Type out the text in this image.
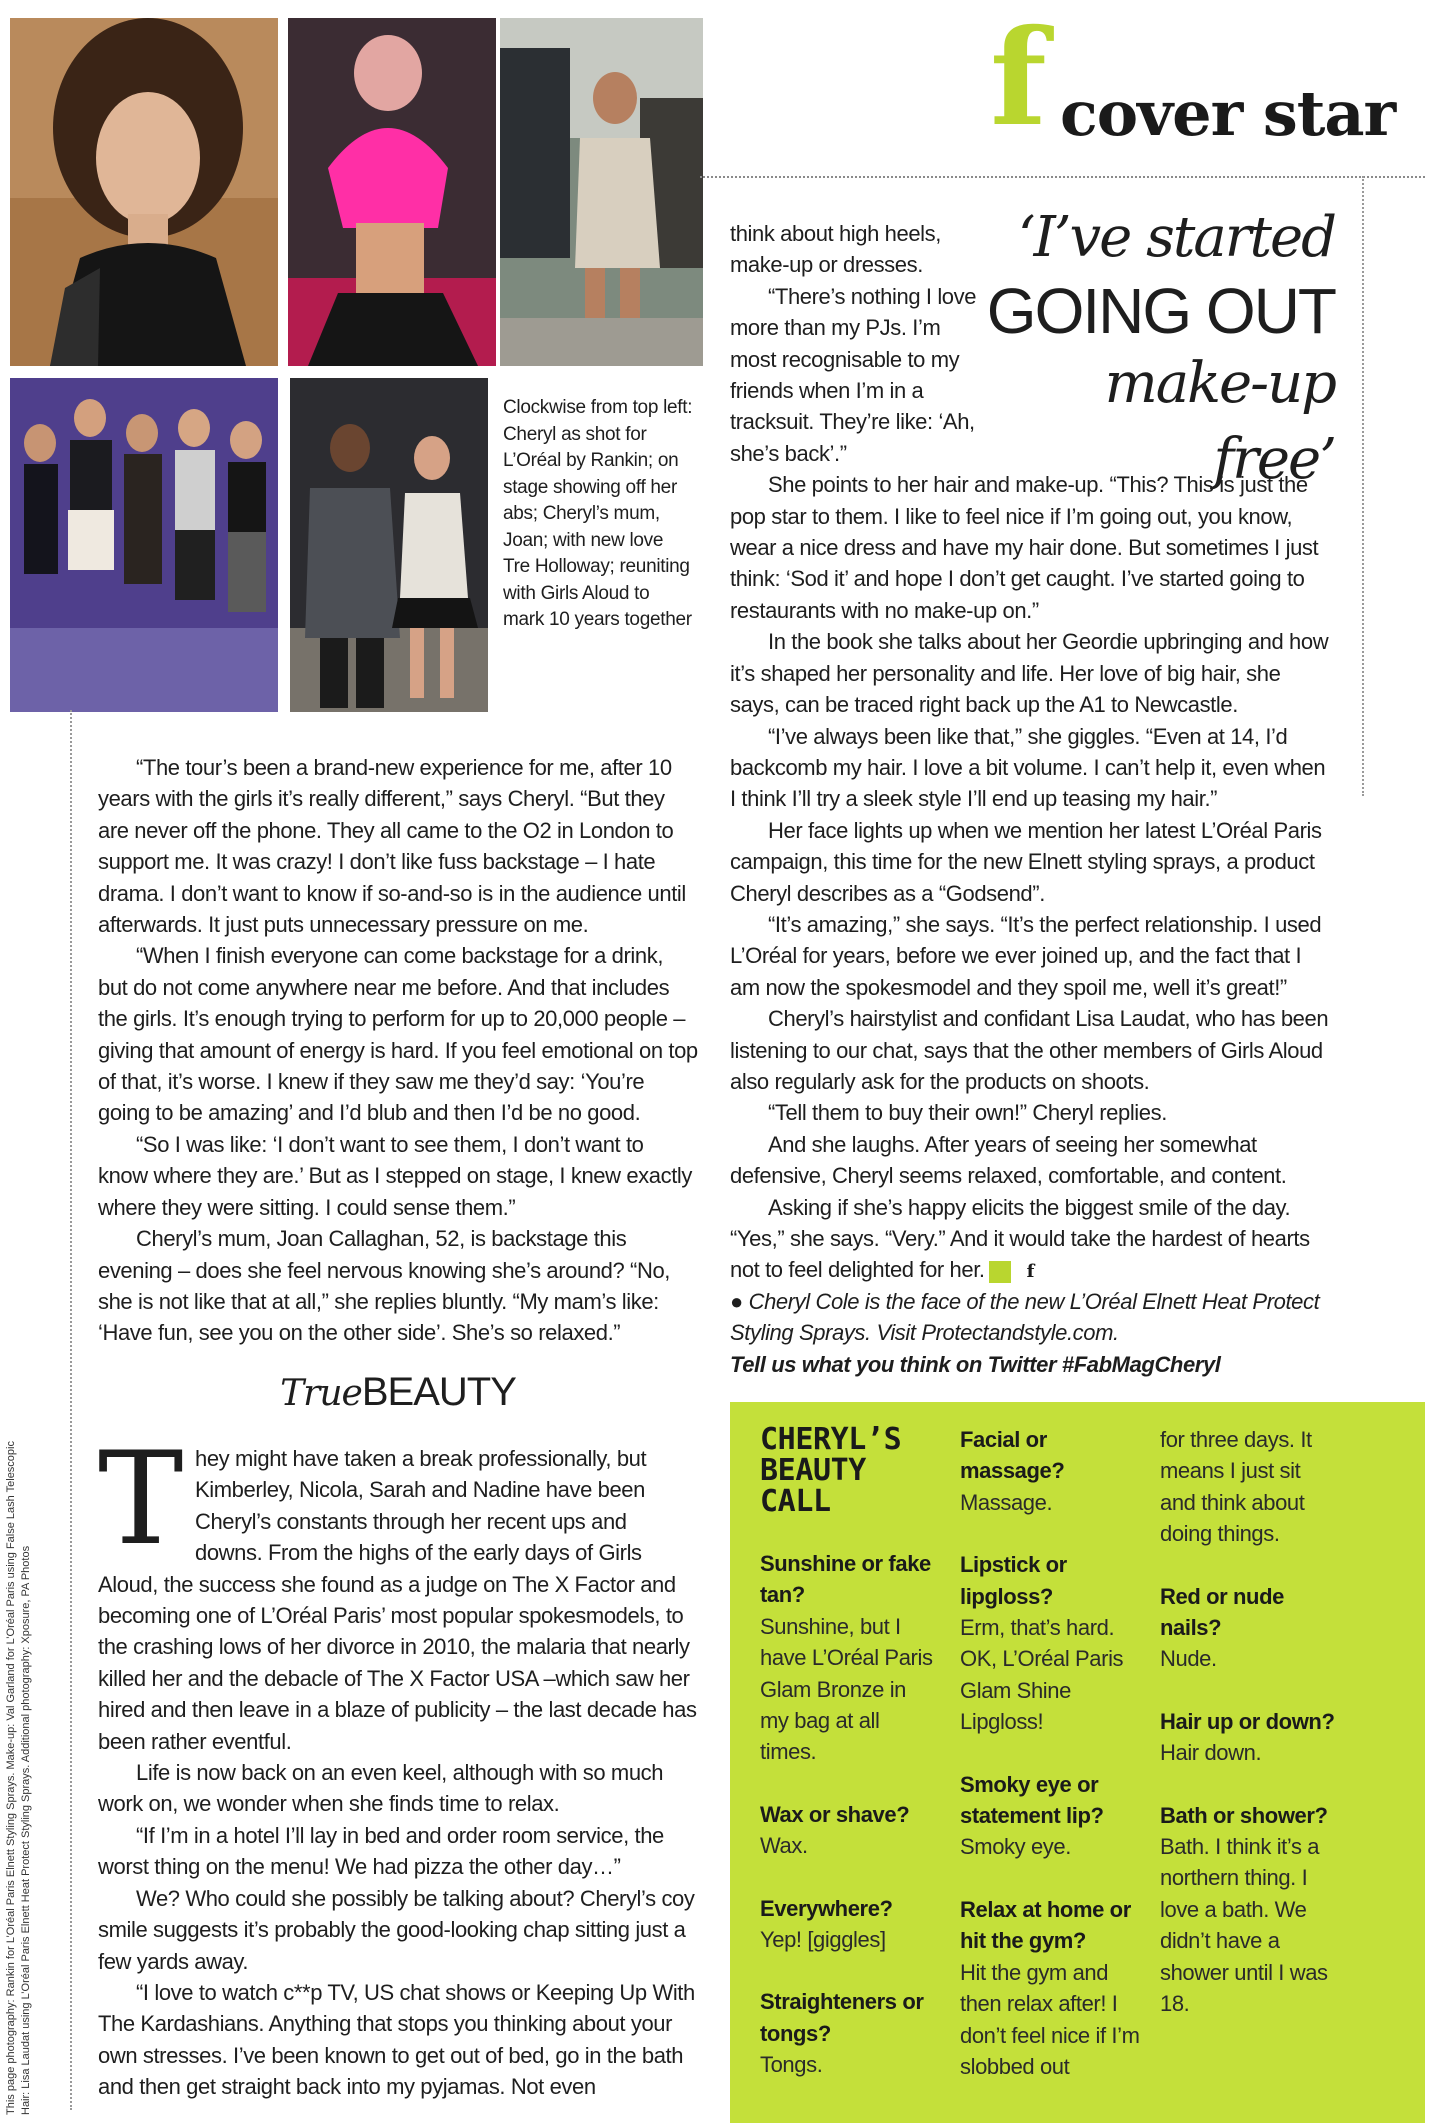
Clockwise from top left: Cheryl as shot for L’Oréal by Rankin; on stage showing off her abs; Cheryl’s mum, Joan; with new love Tre Holloway; reuniting with Girls Aloud to mark 10 years together
f cover star
‘I’ve started
GOING OUT
make-up free’

think about high heels, make-up or dresses.

“There’s nothing I love more than my PJs. I’m most recognisable to my friends when I’m in a tracksuit. They’re like: ‘Ah, she’s back’.”

She points to her hair and make-up. “This? This is just the pop star to them. I like to feel nice if I’m going out, you know, wear a nice dress and have my hair done. But sometimes I just think: ‘Sod it’ and hope I don’t get caught. I’ve started going to restaurants with no make-up on.”

In the book she talks about her Geordie upbringing and how it’s shaped her personality and life. Her love of big hair, she says, can be traced right back up the A1 to Newcastle.

“I’ve always been like that,” she giggles. “Even at 14, I’d backcomb my hair. I love a bit volume. I can’t help it, even when I think I’ll try a sleek style I’ll end up teasing my hair.”

Her face lights up when we mention her latest L’Oréal Paris campaign, this time for the new Elnett styling sprays, a product Cheryl describes as a “Godsend”.

“It’s amazing,” she says. “It’s the perfect relationship. I used L’Oréal for years, before we ever joined up, and the fact that I am now the spokesmodel and they spoil me, well it’s great!”

Cheryl’s hairstylist and confidant Lisa Laudat, who has been listening to our chat, says that the other members of Girls Aloud also regularly ask for the products on shoots.

“Tell them to buy their own!” Cheryl replies.

And she laughs. After years of seeing her somewhat defensive, Cheryl seems relaxed, comfortable, and content.

Asking if she’s happy elicits the biggest smile of the day. “Yes,” she says. “Very.” And it would take the hardest of hearts not to feel delighted for her. f

● Cheryl Cole is the face of the new L’Oréal Elnett Heat Protect Styling Sprays. Visit Protectandstyle.com.

Tell us what you think on Twitter #FabMagCheryl

“The tour’s been a brand-new experience for me, after 10 years with the girls it’s really different,” says Cheryl. “But they are never off the phone. They all came to the O2 in London to support me. It was crazy! I don’t like fuss backstage – I hate drama. I don’t want to know if so-and-so is in the audience until afterwards. It just puts unnecessary pressure on me.

“When I finish everyone can come backstage for a drink, but do not come anywhere near me before. And that includes the girls. It’s enough trying to perform for up to 20,000 people – giving that amount of energy is hard. If you feel emotional on top of that, it’s worse. I knew if they saw me they’d say: ‘You’re going to be amazing’ and I’d blub and then I’d be no good.

“So I was like: ‘I don’t want to see them, I don’t want to know where they are.’ But as I stepped on stage, I knew exactly where they were sitting. I could sense them.”

Cheryl’s mum, Joan Callaghan, 52, is backstage this evening – does she feel nervous knowing she’s around? “No, she is not like that at all,” she replies bluntly. “My mam’s like: ‘Have fun, see you on the other side’. She’s so relaxed.”

TrueBEAUTY

They might have taken a break professionally, but Kimberley, Nicola, Sarah and Nadine have been Cheryl’s constants through her recent ups and downs. From the highs of the early days of Girls Aloud, the success she found as a judge on The X Factor and becoming one of L’Oréal Paris’ most popular spokesmodels, to the crashing lows of her divorce in 2010, the malaria that nearly killed her and the debacle of The X Factor USA –which saw her hired and then leave in a blaze of publicity – the last decade has been rather eventful.

Life is now back on an even keel, although with so much work on, we wonder when she finds time to relax.

“If I’m in a hotel I’ll lay in bed and order room service, the worst thing on the menu! We had pizza the other day…”

We? Who could she possibly be talking about? Cheryl’s coy smile suggests it’s probably the good-looking chap sitting just a few yards away.

“I love to watch c**p TV, US chat shows or Keeping Up With The Kardashians. Anything that stops you thinking about your own stresses. I’ve been known to get out of bed, go in the bath and then get straight back into my pyjamas. Not even

CHERYL’S BEAUTY CALL
Sunshine or fake tan?
Sunshine, but I have L’Oréal Paris Glam Bronze in my bag at all times.
Wax or shave?
Wax.
Everywhere?
Yep! [giggles]
Straighteners or tongs?
Tongs.
Facial or massage?
Massage.
Lipstick or lipgloss?
Erm, that’s hard. OK, L’Oréal Paris Glam Shine Lipgloss!
Smoky eye or statement lip?
Smoky eye.
Relax at home or hit the gym?
Hit the gym and then relax after! I don’t feel nice if I’m slobbed out
for three days. It means I just sit and think about doing things.
Red or nude nails?
Nude.
Hair up or down?
Hair down.
Bath or shower?
Bath. I think it’s a northern thing. I love a bath. We didn’t have a shower until I was 18.
This page photography: Rankin for L’Oréal Paris Elnett Styling Sprays. Make-up: Val Garland for L’Oréal Paris using False Lash Telescopic Hair: Lisa Laudat using L’Oréal Paris Elnett Heat Protect Styling Sprays. Additional photography: Xposure, PA Photos
